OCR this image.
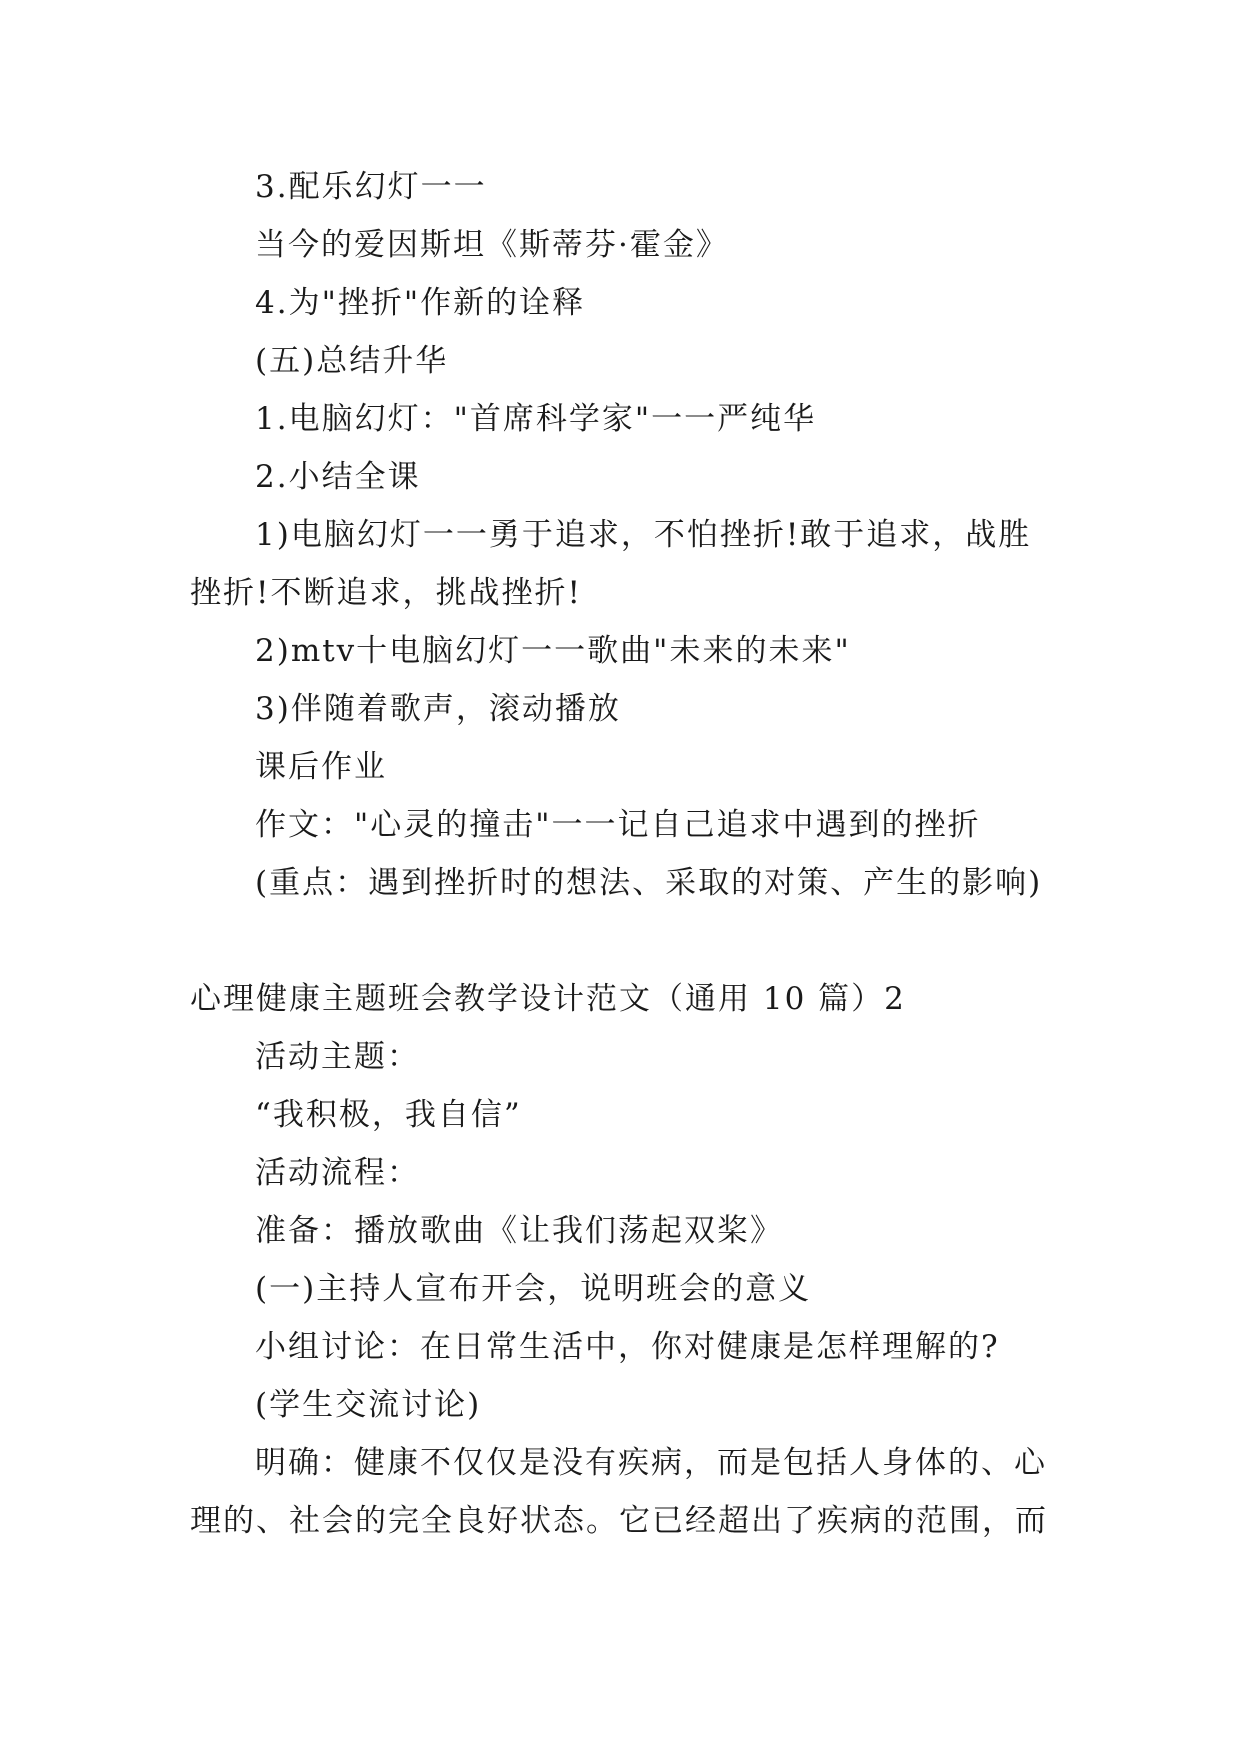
3.配乐幻灯一一
当今的爱因斯坦《斯蒂芬·霍金》
4.为"挫折"作新的诠释
(五)总结升华
1.电脑幻灯："首席科学家"一一严纯华
2.小结全课
1)电脑幻灯一一勇于追求，不怕挫折!敢于追求，战胜
挫折!不断追求，挑战挫折!
2)mtv十电脑幻灯一一歌曲"未来的未来"
3)伴随着歌声，滚动播放
课后作业
作文："心灵的撞击"一一记自己追求中遇到的挫折
(重点：遇到挫折时的想法、采取的对策、产生的影响)
心理健康主题班会教学设计范文（通用 10 篇）2
活动主题：
“我积极，我自信”
活动流程：
准备：播放歌曲《让我们荡起双桨》
(一)主持人宣布开会，说明班会的意义
小组讨论：在日常生活中，你对健康是怎样理解的?
(学生交流讨论)
明确：健康不仅仅是没有疾病，而是包括人身体的、心
理的、社会的完全良好状态。它已经超出了疾病的范围，而
